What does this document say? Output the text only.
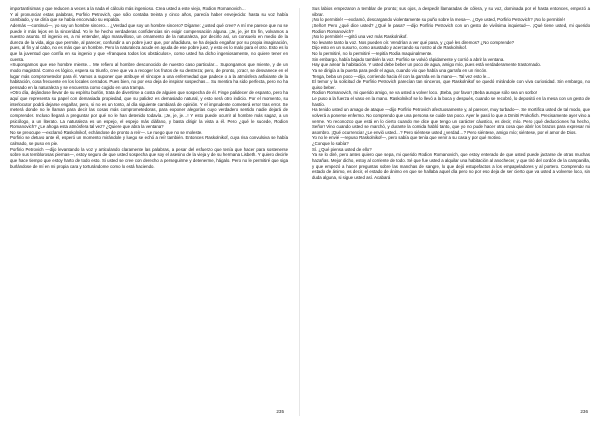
importantísimas y que reducen a veces a la nada el cálculo más ingenioso. Crea usted a este viejo, Rodion Romanovich…

Y al pronunciar estas palabras, Porfirio Petrovich, que sólo contaba treinta y cinco años, parecía haber envejecido: hasta su voz había cambiado, y se diría que se había encorvado su espalda.

Además —continuó—, yo soy un hombre sincero… ¿Verdad que soy un hombre sincero? Dígame: ¿usted qué cree? A mí me parece que no se puede ir más lejos en la sinceridad. Yo le he hecho verdaderas confidencias sin exigir compensación alguna. ¡Je, je, je! En fin, volvamos a nuestro asunto. El ingenio es, a mi entender, algo maravilloso, un ornamento de la naturaleza, por decirlo así, un consuelo en medio de la dureza de la vida, algo que permite, al parecer, confundir a un pobre juez que, por añadidura, se ha dejado engañar por su propia imaginación, pues, al fin y al cabo, no es más que un hombre. Pero la naturaleza acude en ayuda de ese pobre juez, y esto es lo malo para el otro. Esto es lo que la juventud que confía en su ingenio y que «franquea todos los obstáculos», como usted ha dicho ingeniosamente, no quiere tener en cuenta.

»Supongamos que ese hombre miente… Me refiero al hombre desconocido de nuestro caso particular… Supongamos que miente, y de un modo magistral. Como es lógico, espera su triunfo, cree que va a recoger los frutos de su destreza; pero, de pronto, ¡crac!, se desvanece en el lugar más comprometedor para él. Vamos a suponer que atribuye el síncope a una enfermedad que padece o a la atmósfera asfixiante de la habitación, cosa frecuente en los locales cerrados. Pues bien, no por eso deja de inspirar sospechas… Su mentira ha sido perfecta, pero no ha pensado en la naturaleza y se encuentra como cogido en una trampa.

»Otro día, dejándose llevar de su espíritu burlón, trata de divertirse a costa de alguien que sospecha de él. Finge palidecer de espanto, pero ha aquí que representa su papel con demasiada propiedad, que su palidez es demasiado natural, y esto será otro indicio. Por el momento, su interlocutor podrá dejarse engañar, pero, si no es un tonto, al día siguiente cambiará de opinión. Y el imprudente cometerá error tras error. Se meterá donde no le llaman para decir las cosas más comprometedoras, para exponer alegorías cuyo verdadero sentido nadie dejará de comprender. Incluso llegará a preguntar por qué no le han detenido todavía. ¡Je, je, je…! Y esto puede ocurrir al hombre más sagaz, a un psicólogo, a un literato. La naturaleza es un espejo, el espejo más diáfano, y basta dirigir la vista a él. Pero ¿qué le sucede, Rodion Romanovich? ¿Le ahoga esta atmósfera tal vez? ¿Quiere que abra la ventana?

No se preocupe —exclamó Raskolnikof, echándose de pronto a reír—. Le ruego que no se moleste.

Porfirio se detuvo ante él, esperó un momento mirándole y luego se echó a reír también. Entonces Raskolnikof, cuya risa convulsiva se había calmado, se puso en pie.

Porfirio Petrovich —dijo levantando la voz y articulando claramente las palabras, a pesar del esfuerzo que tenía que hacer para sostenerse sobre sus temblorosas piernas—, estoy seguro de que usted sospecha que soy el asesino de la vieja y de su hermana Lisbeth. Y quiero decirle que hace tiempo que estoy harto de todo esto. Si usted se cree con derecho a perseguirme y detenerme, hágalo. Pero no le permitiré que siga burlándose de mí en mi propia cara y torturándome como lo está haciendo.

235

Sus labios empezaron a temblar de pronto; sus ojos, a despedir llamaradas de cólera, y su voz, dominada por el hasta entonces, empezó a vibrar.

¡No lo permitiré! —exclamó, descargando violentamente su puño sobre la mesa—. ¿Oye usted, Porfirio Petrovich? ¡No lo permitiré!

¡Señor! Pero ¿qué dice usted? ¿Qué le pasa? —dijo Porfirio Petrovich con un gesto de viviísima inquietud—. ¡Qué tiene usted, mi querido Rodion Romanovich?

¡No lo permitiré! —gritó una vez más Raskolnikof.

No levante tanto la voz. Nos pueden oír. Vendrían a ver qué pasa, y ¿qué les diremos? ¿No comprende?

Dijo esto en un susurro, como asustado y acercando su rostro al de Raskolnikof.

No lo permitiré, no lo permitiré —repitía Rodia maquinalmente.

Sin embargo, había bajado también la voz. Porfirio se volvió rápidamente y corrió a abrir la ventana.

Hay que airear la habitación. Y usted debe beber un poco de agua, amigo mío, pues está verdaderamente trastornado.

Ya se dirigía a la puerta para pedir el agua, cuando vio que había una garrafa en un rincón.

Tenga, beba un poco —dijo, corriendo hacia él con la garrafa en la mano—. Tal vez esto le…

El temor y la solicitud de Porfirio Petrovich parecían tan sinceros, que Raskolnikof se quedó mirándole con viva curiosidad. Sin embargo, no quiso beber.

Rodion Romanovich, mi querido amigo, se va usted a volver loco. ¡Beba, por favor! ¡Beba aunque sólo sea un sorbo!

Le puso a la fuerza el vaso en la mano. Raskolnikof se lo llevó a la boca y después, cuando se recobró, lo depositó en la mesa con un gesto de hastío.

Ha tenido usted un amago de ataque —dijo Porfirio Petrovich afectuosamente y, al parecer, muy turbado—. Se mortifica usted de tal modo, que volverá a ponerse enfermo. No comprendo que una persona se cuide tan poco. Ayer le pasó lo que a Dmitri Prokofich. Precisamente ayer vino a verme. Yo reconozco que está en lo cierto cuando me dice que tengo un carácter cáustico, es decir, mío. Pero ¡qué deducciones ha hecho, Señor! Vino cuando usted se marchó, y durante la comida habló tanto, que yo no pude hacer otra cosa que abrir los brazos para expresar mi asombro. ¡Qué ocurrencia! ¿Le envió usted…? Pero siéntese usted ¿verdad…? Pero siéntese, amigo mío; siéntese, por el amor de Dios.

Yo no le envié —repuso Raskolnikof—, pero sabía que tenía que venir a su casa y por qué motivo.

¿Conque lo sabía?

Sí. ¿Qué piensa usted de ello?

Ya se lo diré, pero antes quiero que sepa, mi querido Rodion Romanovich, que estoy enterado de que usted puede jactarse de otras muchas hazañas. Mejor dicho, estoy al corriente de todo. Sé que fue usted a alquilar una habitación al anochecer, y que tiró del cordón de la campanilla, y que empezó a hacer preguntas sobre las manchas de sangre, lo que dejó estupefactos a los empapeladores y al portero. Comprendo su estado de ánimo, es decir, el estado de ánimo en que se hallaba aquel día pero no por eso deja de ser cierto que va usted a volverse loco, sin duda alguna, si sigue usted así. Acabará

236
